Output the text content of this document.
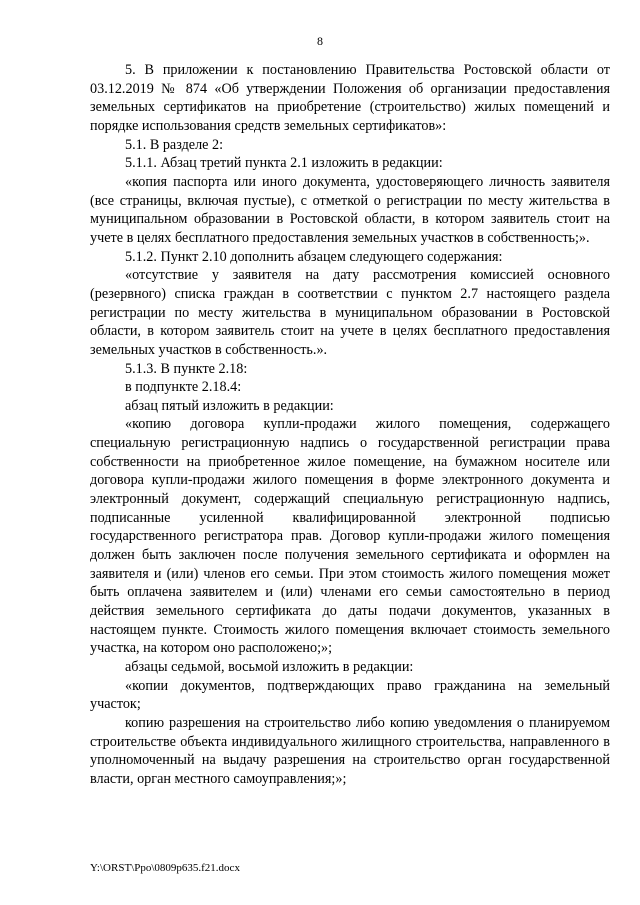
8

5. В приложении к постановлению Правительства Ростовской области от 03.12.2019 № 874 «Об утверждении Положения об организации предоставления земельных сертификатов на приобретение (строительство) жилых помещений и порядке использования средств земельных сертификатов»:

5.1. В разделе 2:

5.1.1. Абзац третий пункта 2.1 изложить в редакции:

«копия паспорта или иного документа, удостоверяющего личность заявителя (все страницы, включая пустые), с отметкой о регистрации по месту жительства в муниципальном образовании в Ростовской области, в котором заявитель стоит на учете в целях бесплатного предоставления земельных участков в собственность;».

5.1.2. Пункт 2.10 дополнить абзацем следующего содержания:

«отсутствие у заявителя на дату рассмотрения комиссией основного (резервного) списка граждан в соответствии с пунктом 2.7 настоящего раздела регистрации по месту жительства в муниципальном образовании в Ростовской области, в котором заявитель стоит на учете в целях бесплатного предоставления земельных участков в собственность.».

5.1.3. В пункте 2.18:

в подпункте 2.18.4:

абзац пятый изложить в редакции:

«копию договора купли-продажи жилого помещения, содержащего специальную регистрационную надпись о государственной регистрации права собственности на приобретенное жилое помещение, на бумажном носителе или договора купли-продажи жилого помещения в форме электронного документа и электронный документ, содержащий специальную регистрационную надпись, подписанные усиленной квалифицированной электронной подписью государственного регистратора прав. Договор купли-продажи жилого помещения должен быть заключен после получения земельного сертификата и оформлен на заявителя и (или) членов его семьи. При этом стоимость жилого помещения может быть оплачена заявителем и (или) членами его семьи самостоятельно в период действия земельного сертификата до даты подачи документов, указанных в настоящем пункте. Стоимость жилого помещения включает стоимость земельного участка, на котором оно расположено;»;

абзацы седьмой, восьмой изложить в редакции:

«копии документов, подтверждающих право гражданина на земельный участок;

копию разрешения на строительство либо копию уведомления о планируемом строительстве объекта индивидуального жилищного строительства, направленного в уполномоченный на выдачу разрешения на строительство орган государственной власти, орган местного самоуправления;»;

Y:\ORST\Ppo\0809p635.f21.docx
